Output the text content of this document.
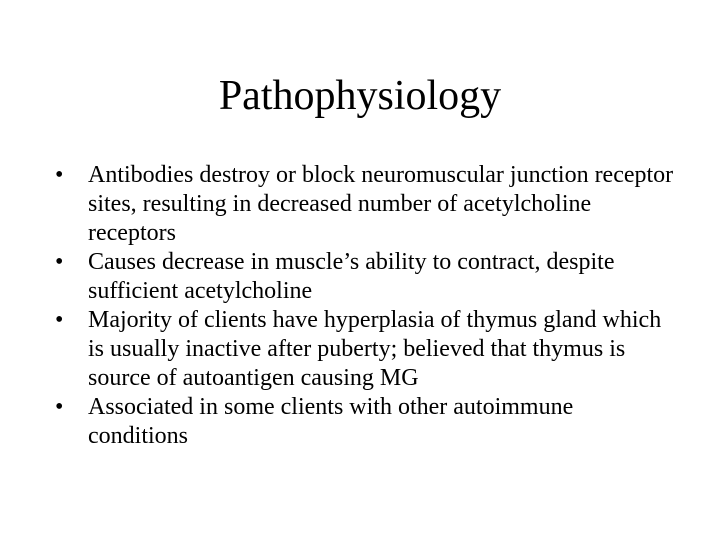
Pathophysiology
•	Antibodies destroy or block neuromuscular junction receptor sites, resulting in decreased number of acetylcholine receptors
•	Causes decrease in muscle’s ability to contract, despite sufficient acetylcholine
•	Majority of clients have hyperplasia of thymus gland which is usually inactive after puberty; believed that thymus is source of autoantigen causing MG
•	Associated in some clients with other autoimmune conditions
